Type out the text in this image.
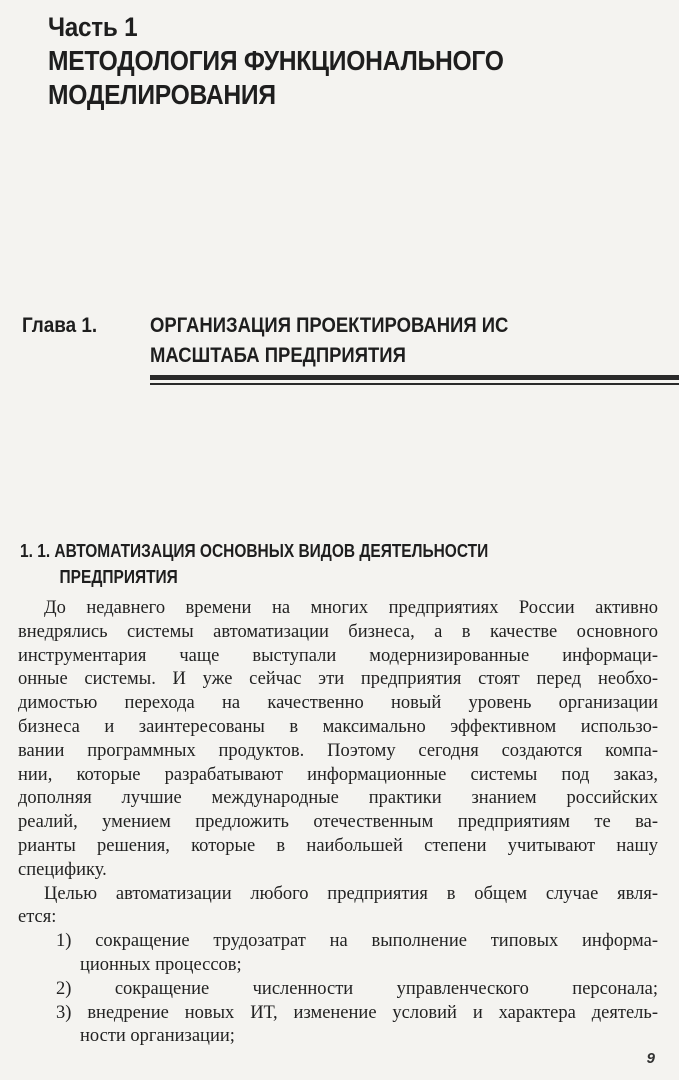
Часть 1
МЕТОДОЛОГИЯ ФУНКЦИОНАЛЬНОГО
МОДЕЛИРОВАНИЯ
Глава 1.	ОРГАНИЗАЦИЯ ПРОЕКТИРОВАНИЯ ИС
МАСШТАБА ПРЕДПРИЯТИЯ
1. 1. АВТОМАТИЗАЦИЯ ОСНОВНЫХ ВИДОВ ДЕЯТЕЛЬНОСТИ
ПРЕДПРИЯТИЯ
До недавнего времени на многих предприятиях России активно
внедрялись системы автоматизации бизнеса, а в качестве основного
инструментария чаще выступали модернизированные информаци-
онные системы. И уже сейчас эти предприятия стоят перед необхо-
димостью перехода на качественно новый уровень организации
бизнеса и заинтересованы в максимально эффективном использо-
вании программных продуктов. Поэтому сегодня создаются компа-
нии, которые разрабатывают информационные системы под заказ,
дополняя лучшие международные практики знанием российских
реалий, умением предложить отечественным предприятиям те ва-
рианты решения, которые в наибольшей степени учитывают нашу
специфику.
Целью автоматизации любого предприятия в общем случае явля-
ется:
1) сокращение трудозатрат на выполнение типовых информа-
ционных процессов;
2) сокращение численности управленческого персонала;
3) внедрение новых ИТ, изменение условий и характера деятель-
ности организации;
9
